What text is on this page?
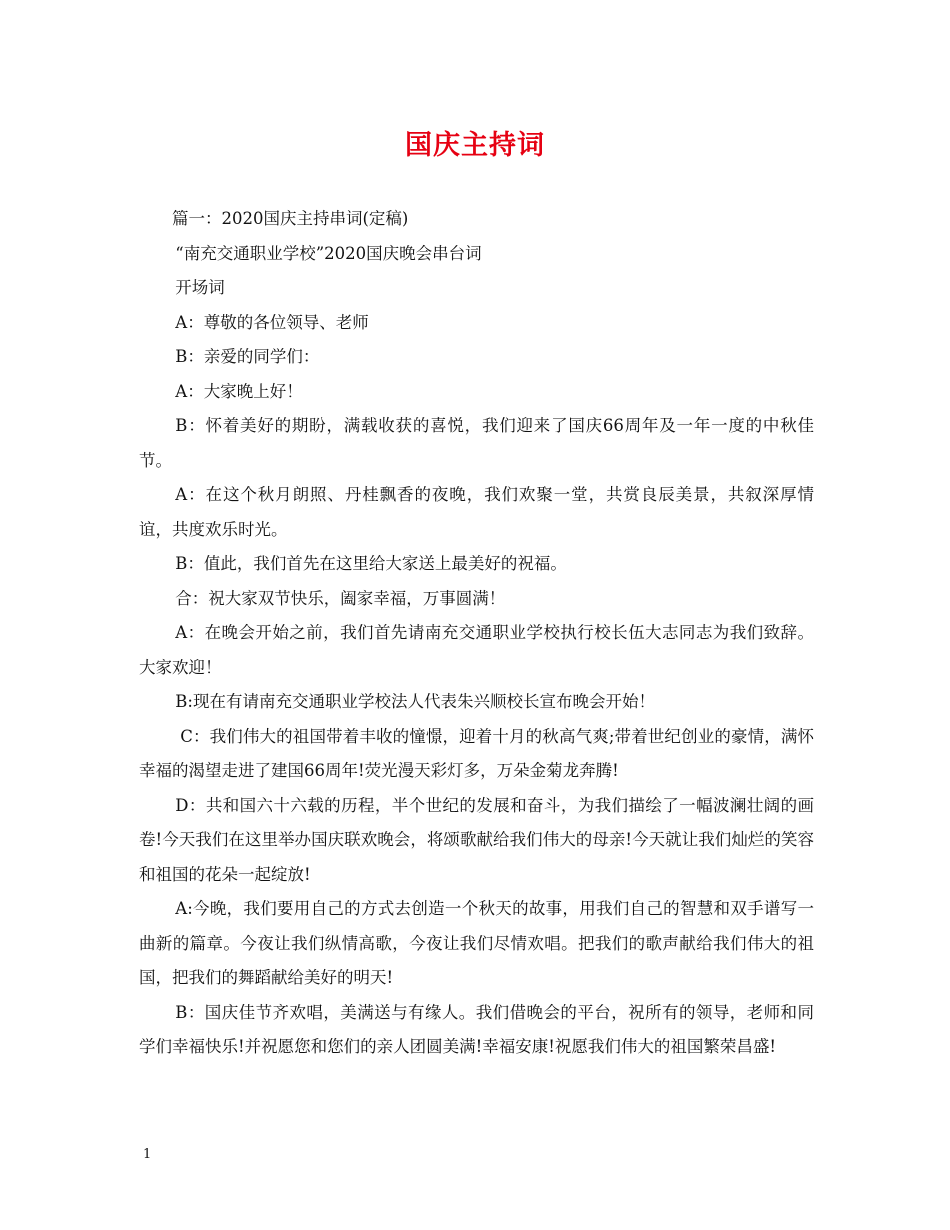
国庆主持词

篇一：2020国庆主持串词(定稿)

“南充交通职业学校”2020国庆晚会串台词

开场词

A：尊敬的各位领导、老师

B：亲爱的同学们：

A：大家晚上好！

B：怀着美好的期盼，满载收获的喜悦，我们迎来了国庆66周年及一年一度的中秋佳节。

A：在这个秋月朗照、丹桂飘香的夜晚，我们欢聚一堂，共赏良辰美景，共叙深厚情谊，共度欢乐时光。

B：值此，我们首先在这里给大家送上最美好的祝福。

合：祝大家双节快乐，阖家幸福，万事圆满！

A：在晚会开始之前，我们首先请南充交通职业学校执行校长伍大志同志为我们致辞。大家欢迎！

B:现在有请南充交通职业学校法人代表朱兴顺校长宣布晚会开始！

C：我们伟大的祖国带着丰收的憧憬，迎着十月的秋高气爽;带着世纪创业的豪情，满怀幸福的渴望走进了建国66周年!荧光漫天彩灯多，万朵金菊龙奔腾!

D：共和国六十六载的历程，半个世纪的发展和奋斗，为我们描绘了一幅波澜壮阔的画卷!今天我们在这里举办国庆联欢晚会，将颂歌献给我们伟大的母亲!今天就让我们灿烂的笑容和祖国的花朵一起绽放!

A:今晚，我们要用自己的方式去创造一个秋天的故事，用我们自己的智慧和双手谱写一曲新的篇章。今夜让我们纵情高歌，今夜让我们尽情欢唱。把我们的歌声献给我们伟大的祖国，把我们的舞蹈献给美好的明天!

B：国庆佳节齐欢唱，美满送与有缘人。我们借晚会的平台，祝所有的领导，老师和同学们幸福快乐!并祝愿您和您们的亲人团圆美满!幸福安康!祝愿我们伟大的祖国繁荣昌盛!

1
